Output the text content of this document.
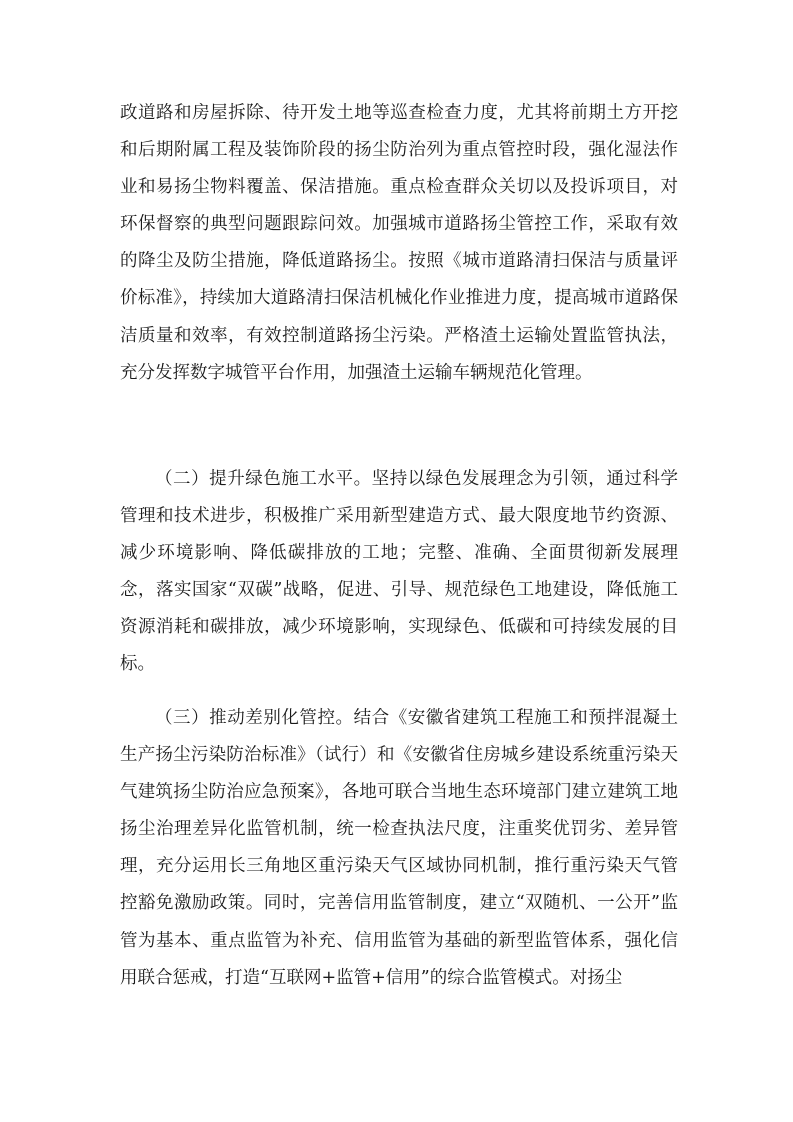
政道路和房屋拆除、待开发土地等巡查检查力度，尤其将前期土方开挖和后期附属工程及装饰阶段的扬尘防治列为重点管控时段，强化湿法作业和易扬尘物料覆盖、保洁措施。重点检查群众关切以及投诉项目，对环保督察的典型问题跟踪问效。加强城市道路扬尘管控工作，采取有效的降尘及防尘措施，降低道路扬尘。按照《城市道路清扫保洁与质量评价标准》，持续加大道路清扫保洁机械化作业推进力度，提高城市道路保洁质量和效率，有效控制道路扬尘污染。严格渣土运输处置监管执法，充分发挥数字城管平台作用，加强渣土运输车辆规范化管理。

（二）提升绿色施工水平。坚持以绿色发展理念为引领，通过科学管理和技术进步，积极推广采用新型建造方式、最大限度地节约资源、减少环境影响、降低碳排放的工地；完整、准确、全面贯彻新发展理念，落实国家“双碳”战略，促进、引导、规范绿色工地建设，降低施工资源消耗和碳排放，减少环境影响，实现绿色、低碳和可持续发展的目标。

（三）推动差别化管控。结合《安徽省建筑工程施工和预拌混凝土生产扬尘污染防治标准》（试行）和《安徽省住房城乡建设系统重污染天气建筑扬尘防治应急预案》，各地可联合当地生态环境部门建立建筑工地扬尘治理差异化监管机制，统一检查执法尺度，注重奖优罚劣、差异管理，充分运用长三角地区重污染天气区域协同机制，推行重污染天气管控豁免激励政策。同时，完善信用监管制度，建立“双随机、一公开”监管为基本、重点监管为补充、信用监管为基础的新型监管体系，强化信用联合惩戒，打造“互联网+监管+信用”的综合监管模式。对扬尘
